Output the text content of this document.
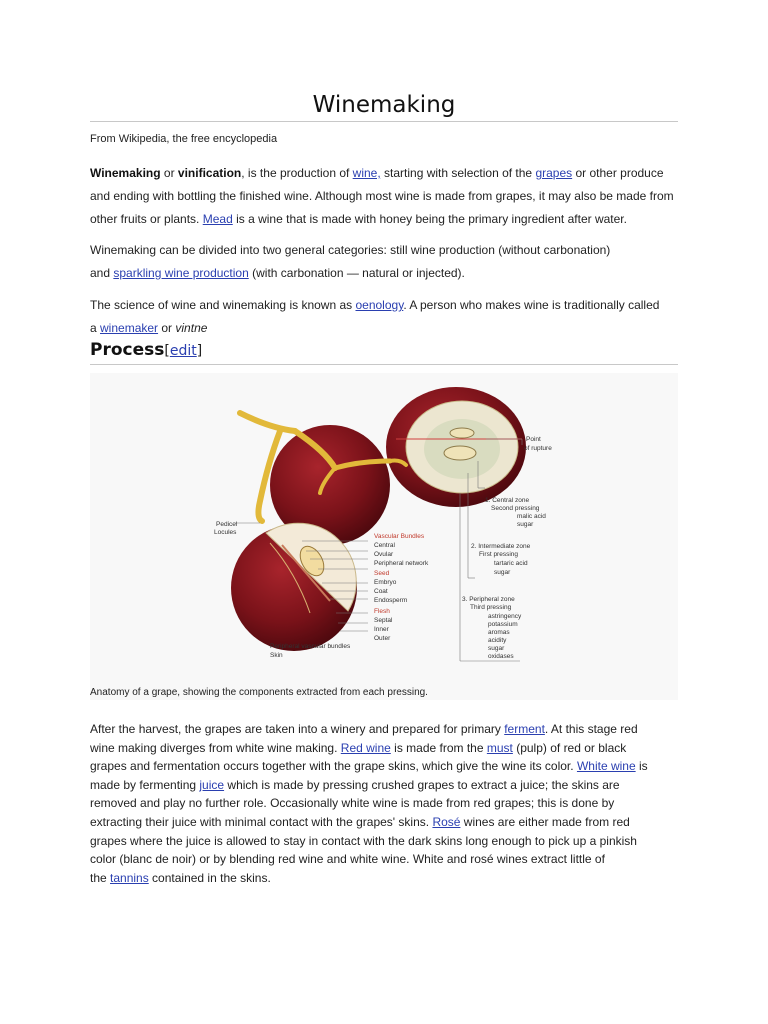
Winemaking
From Wikipedia, the free encyclopedia
Winemaking or vinification, is the production of wine, starting with selection of the grapes or other produce
and ending with bottling the finished wine. Although most wine is made from grapes, it may also be made from
other fruits or plants. Mead is a wine that is made with honey being the primary ingredient after water.
Winemaking can be divided into two general categories: still wine production (without carbonation)
and sparkling wine production (with carbonation — natural or injected).
The science of wine and winemaking is known as oenology. A person who makes wine is traditionally called
a winemaker or vintne
Process[edit]
Pedicel
Locules
Vascular Bundles
Central
Ovular
Peripheral network
Seed
Embryo
Coat
Endosperm
Flesh
Septal
Inner
Outer
Peripheral vascular bundles
Skin
Point
of rupture
1. Central zone
Second pressing
malic acid
sugar
2. Intermediate zone
First pressing
tartaric acid
sugar
3. Peripheral zone
Third pressing
astringency
potassium
aromas
acidity
sugar
oxidases
Anatomy of a grape, showing the components extracted from each pressing.
After the harvest, the grapes are taken into a winery and prepared for primary ferment. At this stage red
wine making diverges from white wine making. Red wine is made from the must (pulp) of red or black
grapes and fermentation occurs together with the grape skins, which give the wine its color. White wine is
made by fermenting juice which is made by pressing crushed grapes to extract a juice; the skins are
removed and play no further role. Occasionally white wine is made from red grapes; this is done by
extracting their juice with minimal contact with the grapes' skins. Rosé wines are either made from red
grapes where the juice is allowed to stay in contact with the dark skins long enough to pick up a pinkish
color (blanc de noir) or by blending red wine and white wine. White and rosé wines extract little of
the tannins contained in the skins.
